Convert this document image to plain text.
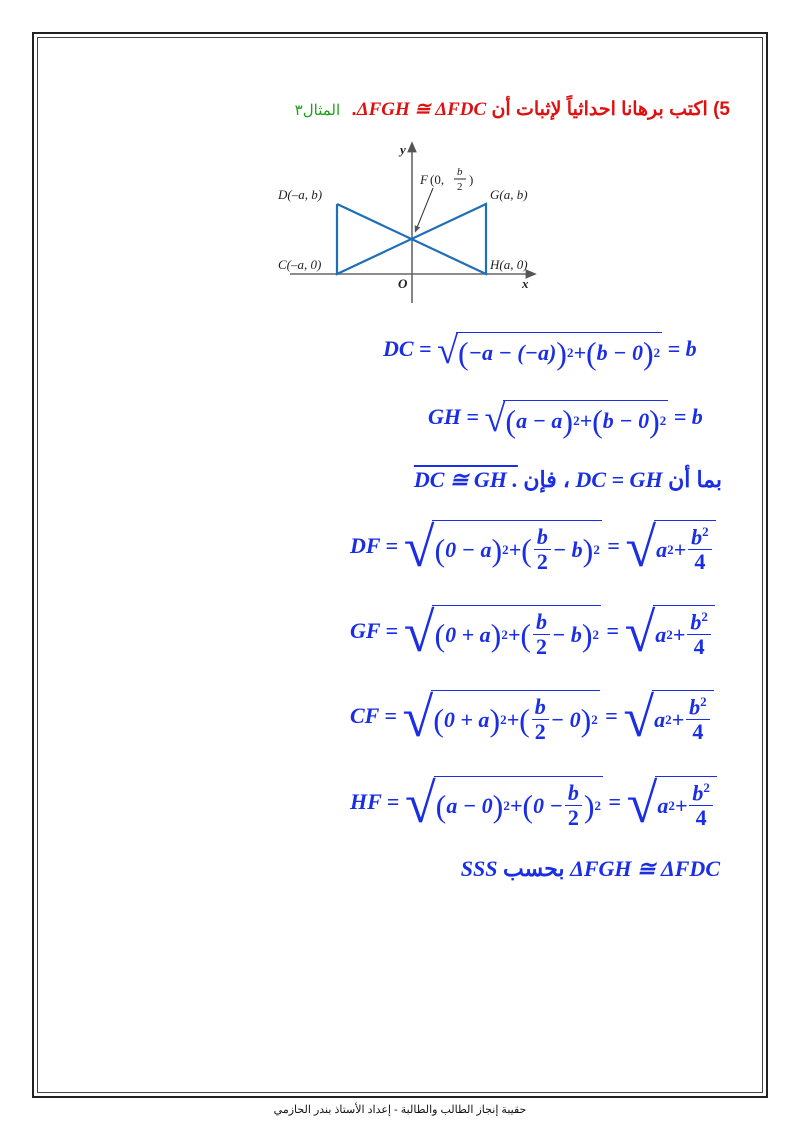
5) اكتب برهانا احداثياً لإثبات أن ΔFGH ≅ ΔFDC. المثال٣
y
x
O
D(–a, b)	G(a, b)
C(–a, 0)	H(a, 0)
F (0, b
2 )
DC = √ ( −a − (−a) ) 2 + ( b − 0 ) 2 = b
GH = √ ( a − a ) 2 + ( b − 0 ) 2 = b
بما أن DC = GH ، فإن DC ≅ GH .
DF = √ ( 0 − a ) 2 + ( $\frac{b}{2} - b$ ) 2 = √ a $2 + \frac{b^2}{4}$
GF = √ ( 0 + a ) 2 + ( $\frac{b}{2} - b$ ) 2 = √ a $2 + \frac{b^2}{4}$
CF = √ ( 0 + a ) 2 + ( $\frac{b}{2} - 0$ ) 2 = √ a $2 + \frac{b^2}{4}$
HF = √ ( a − 0 ) 2 + ( $0 - \frac{b}{2}$ ) 2 = √ a $2 + \frac{b^2}{4}$
ΔFGH ≅ ΔFDC بحسب SSS
حقيبة إنجاز الطالب والطالبة - إعداد الأستاذ بندر الحازمي
